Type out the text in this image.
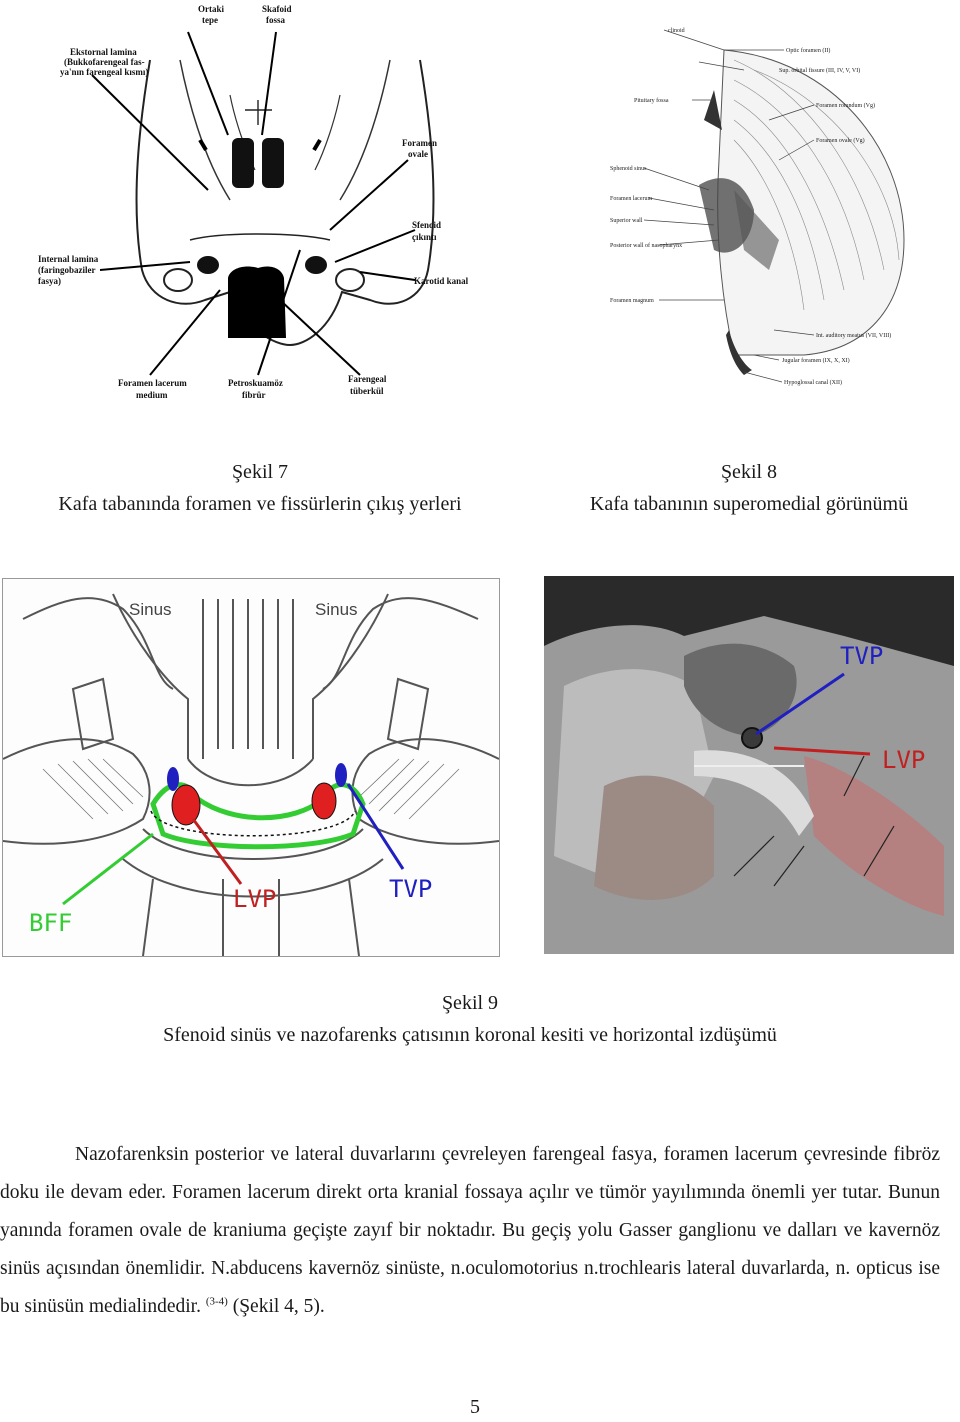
Ortaki
tepe
Skafoid
fossa
Ekstornal lamina
(Bukkofarengeal fas-
ya'nın farengeal kısmı)
Foramen
ovale
Sfenoid
çıkıntı
Internal lamina
(faringobaziler
fasya)	Karotid kanal
Foramen lacerum
medium
Petroskuamöz
fibrür
Farengeal
tüberkül
clinoid
Optic foramen (II)
Sup. orbital fissure (III, IV, V, VI)
Pituitary fossa
Foramen rotundum (Vg)
Foramen ovale (Vg)
Sphenoid sinus
Foramen lacerum
Superior wall
Posterior wall of nasopharynx
Foramen magnum
Int. auditory meatus (VII, VIII)
Jugular foramen (IX, X, XI)
Hypoglossal canal (XII)
Şekil 7
Kafa tabanında foramen ve fissürlerin çıkış yerleri
Şekil 8
Kafa tabanının superomedial görünümü
Sinus	Sinus
BFF
LVP	TVP
TVP
LVP
Şekil 9
Sfenoid sinüs ve nazofarenks çatısının koronal kesiti ve horizontal izdüşümü

Nazofarenksin posterior ve lateral duvarlarını çevreleyen farengeal fasya, foramen lacerum çevresinde fibröz doku ile devam eder. Foramen lacerum direkt orta kranial fossaya açılır ve tümör yayılımında önemli yer tutar. Bunun yanında foramen ovale de kraniuma geçişte zayıf bir noktadır. Bu geçiş yolu Gasser ganglionu ve dalları ve kavernöz sinüs açısından önemlidir. N.abducens kavernöz sinüste, n.oculomotorius n.trochlearis lateral duvarlarda, n. opticus ise bu sinüsün medialindedir. $^{(3-4)}$ (Şekil 4, 5).

5
